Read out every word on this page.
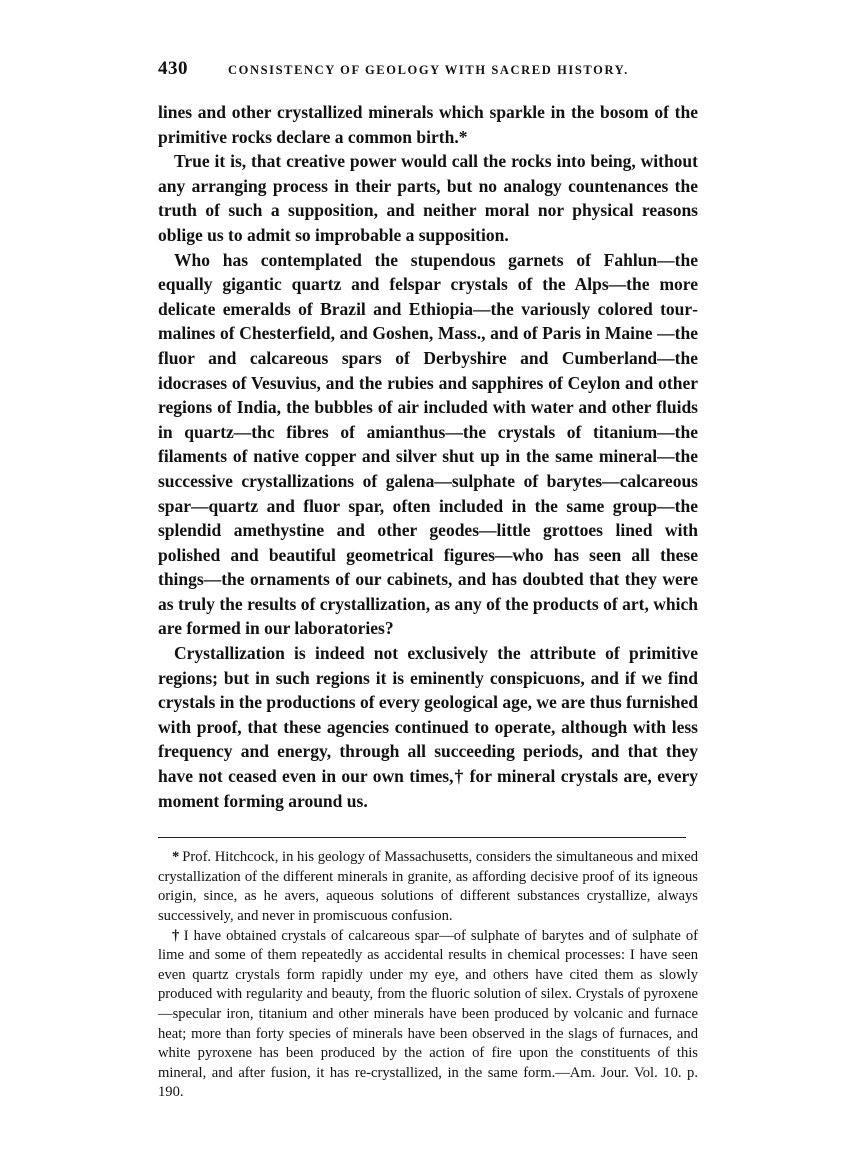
430	CONSISTENCY OF GEOLOGY WITH SACRED HISTORY.

lines and other crystallized minerals which sparkle in the bosom of the primitive rocks declare a common birth.*

True it is, that creative power would call the rocks into being, without any arranging process in their parts, but no analogy countenances the truth of such a supposition, and neither moral nor physical reasons oblige us to admit so improbable a supposition.

Who has contemplated the stupendous garnets of Fahlun—the equally gigantic quartz and felspar crystals of the Alps—the more delicate emeralds of Brazil and Ethiopia—the variously colored tourmalines of Chesterfield, and Goshen, Mass., and of Paris in Maine —the fluor and calcareous spars of Derbyshire and Cumberland—the idocrases of Vesuvius, and the rubies and sapphires of Ceylon and other regions of India, the bubbles of air included with water and other fluids in quartz—thc fibres of amianthus—the crystals of titanium—the filaments of native copper and silver shut up in the same mineral—the successive crystallizations of galena—sulphate of barytes—calcareous spar—quartz and fluor spar, often included in the same group—the splendid amethystine and other geodes—little grottoes lined with polished and beautiful geometrical figures—who has seen all these things—the ornaments of our cabinets, and has doubted that they were as truly the results of crystallization, as any of the products of art, which are formed in our laboratories?

Crystallization is indeed not exclusively the attribute of primitive regions; but in such regions it is eminently conspicuons, and if we find crystals in the productions of every geological age, we are thus furnished with proof, that these agencies continued to operate, although with less frequency and energy, through all succeeding periods, and that they have not ceased even in our own times,† for mineral crystals are, every moment forming around us.

* Prof. Hitchcock, in his geology of Massachusetts, considers the simultaneous and mixed crystallization of the different minerals in granite, as affording decisive proof of its igneous origin, since, as he avers, aqueous solutions of different substances crystallize, always successively, and never in promiscuous confusion.

† I have obtained crystals of calcareous spar—of sulphate of barytes and of sulphate of lime and some of them repeatedly as accidental results in chemical processes: I have seen even quartz crystals form rapidly under my eye, and others have cited them as slowly produced with regularity and beauty, from the fluoric solution of silex. Crystals of pyroxene—specular iron, titanium and other minerals have been produced by volcanic and furnace heat; more than forty species of minerals have been observed in the slags of furnaces, and white pyroxene has been produced by the action of fire upon the constituents of this mineral, and after fusion, it has re-crystallized, in the same form.—Am. Jour. Vol. 10. p. 190.
